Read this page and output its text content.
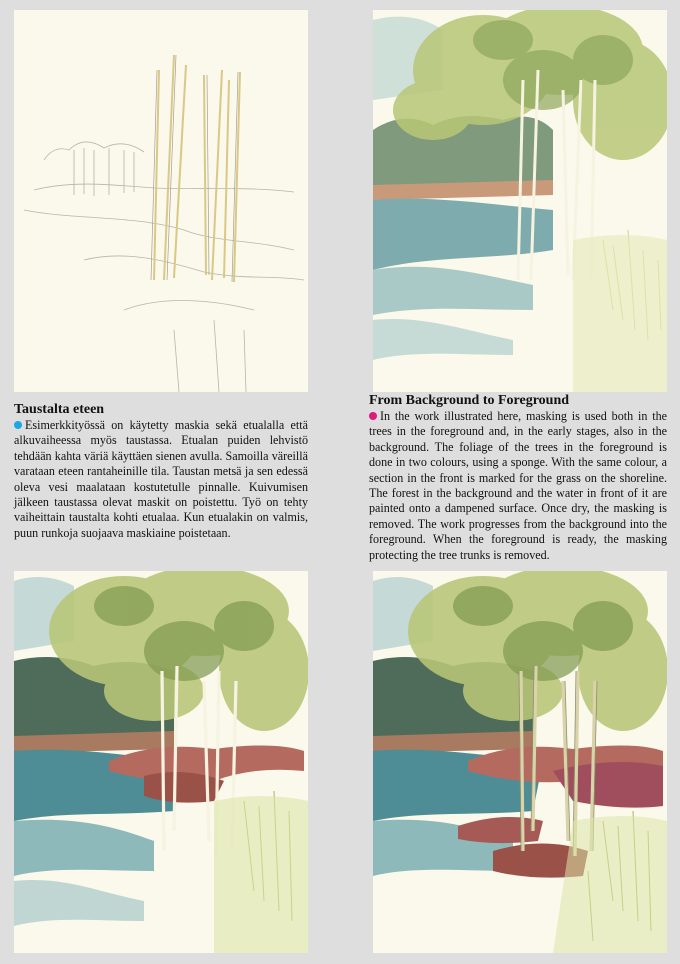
Taustalta eteen

Esimerkkityössä on käytetty maskia sekä etualalla että alkuvaiheessa myös taustassa. Etualan puiden lehvistö tehdään kahta väriä käyttäen sienen avulla. Samoilla väreillä varataan eteen rantaheinille tila. Taustan metsä ja sen edessä oleva vesi maalataan kostutetulle pinnalle. Kuivumisen jälkeen taustassa olevat maskit on poistettu. Työ on tehty vaiheittain taustalta kohti etualaa. Kun etualakin on valmis, puun runkoja suojaava maskiaine poistetaan.

From Background to Foreground

In the work illustrated here, masking is used both in the trees in the foreground and, in the early stages, also in the background. The foliage of the trees in the foreground is done in two colours, using a sponge. With the same colour, a section in the front is marked for the grass on the shoreline. The forest in the background and the water in front of it are painted onto a dampened surface. Once dry, the masking is removed. The work progresses from the background into the foreground. When the foreground is ready, the masking protecting the tree trunks is removed.
